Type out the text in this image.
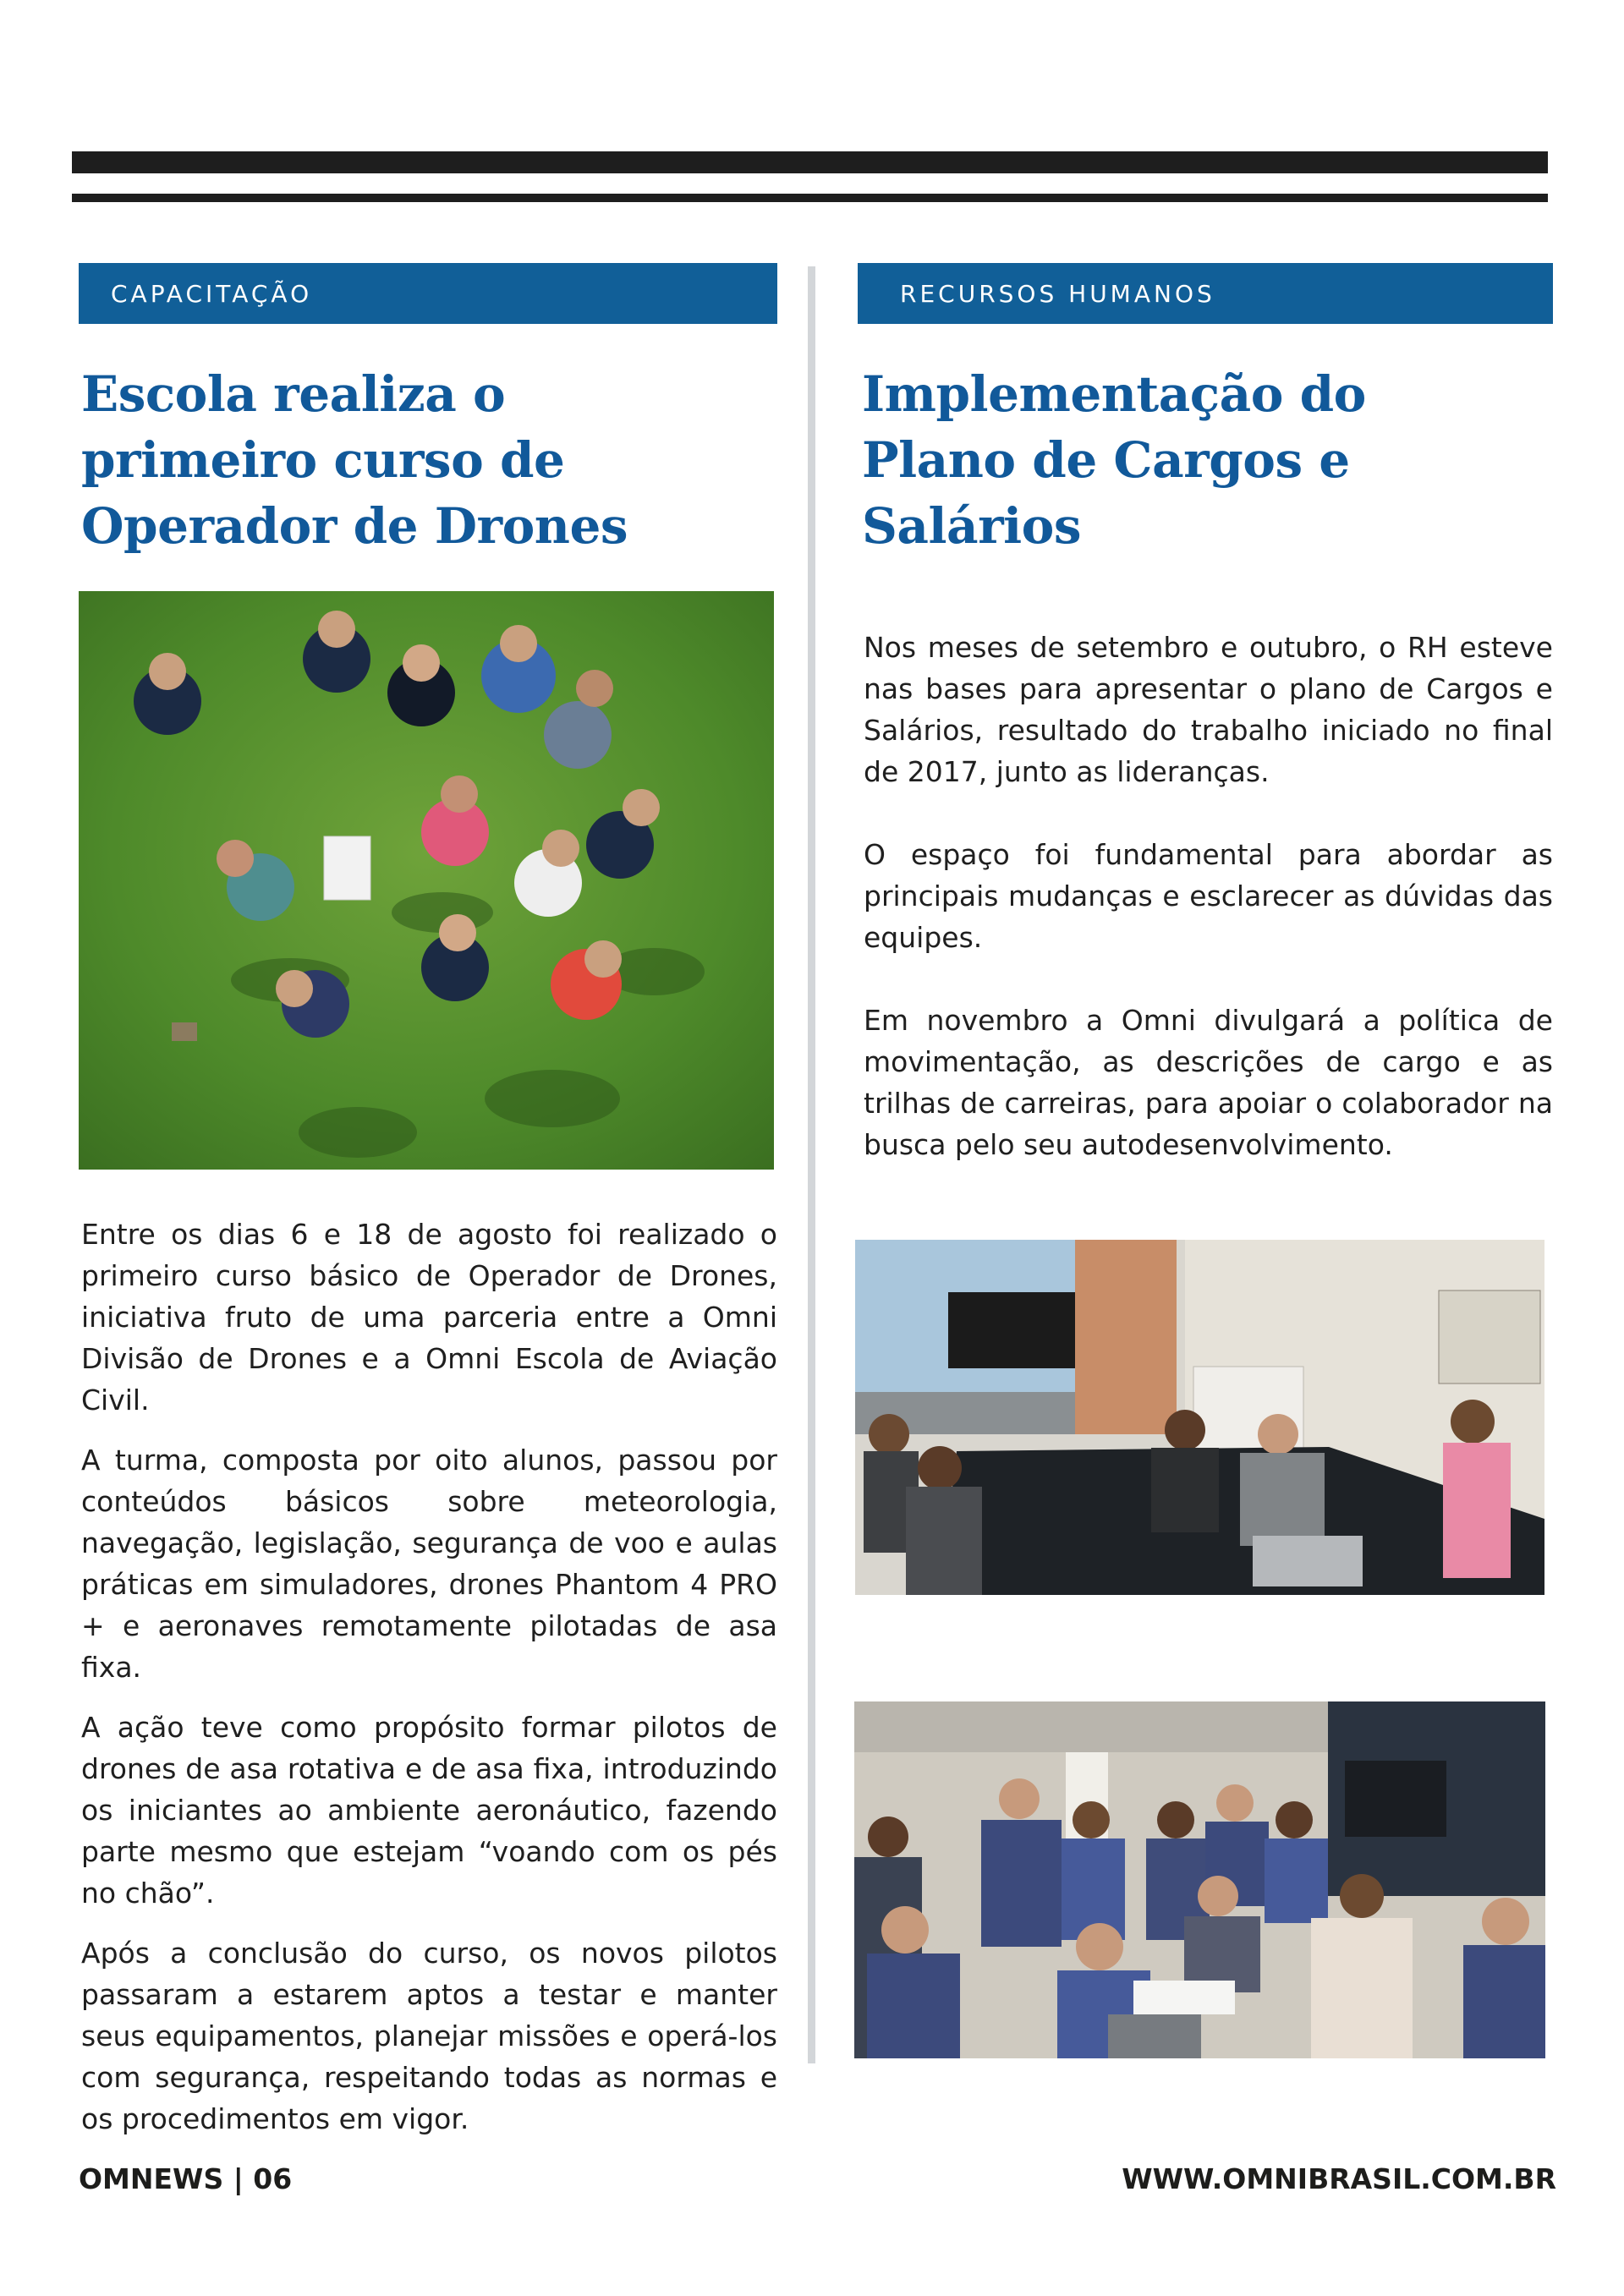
CAPACITAÇÃO
Escola realiza o
primeiro curso de
Operador de Drones

Entre os dias 6 e 18 de agosto foi realizado o primeiro curso básico de Operador de Drones, iniciativa fruto de uma parceria entre a Omni Divisão de Drones e a Omni Escola de Aviação Civil.

A turma, composta por oito alunos, passou por conteúdos básicos sobre meteorologia, navegação, legislação, segurança de voo e aulas práticas em simuladores, drones Phantom 4 PRO + e aeronaves remotamente pilotadas de asa fixa.

A ação teve como propósito formar pilotos de drones de asa rotativa e de asa fixa, introduzindo os iniciantes ao ambiente aeronáutico, fazendo parte mesmo que estejam “voando com os pés no chão”.

Após a conclusão do curso, os novos pilotos passaram a estarem aptos a testar e manter seus equipamentos, planejar missões e operá-los com segurança, respeitando todas as normas e os procedimentos em vigor.

RECURSOS HUMANOS
Implementação do
Plano de Cargos e
Salários

Nos meses de setembro e outubro, o RH esteve nas bases para apresentar o plano de Cargos e Salários, resultado do trabalho iniciado no final de 2017, junto as lideranças.

O espaço foi fundamental para abordar as principais mudanças e esclarecer as dúvidas das equipes.

Em novembro a Omni divulgará a política de movimentação, as descrições de cargo e as trilhas de carreiras, para apoiar o colaborador na busca pelo seu autodesenvolvimento.

OMNEWS | 06	WWW.OMNIBRASIL.COM.BR
